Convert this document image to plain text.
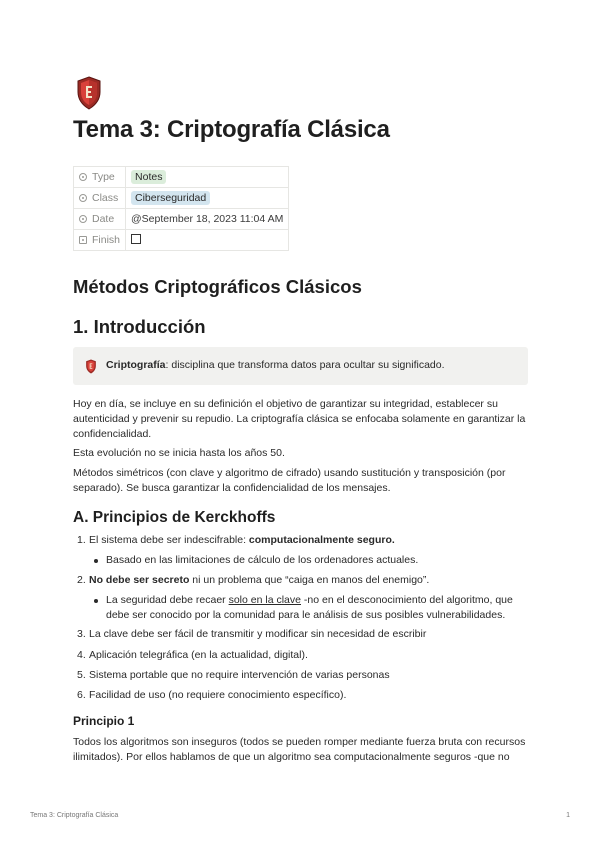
Tema 3: Criptografía Clásica
Type	Notes
Class	Ciberseguridad
Date	@September 18, 2023 11:04 AM
Finish	
Métodos Criptográficos Clásicos
1. Introducción
Criptografía: disciplina que transforma datos para ocultar su significado.

Hoy en día, se incluye en su definición el objetivo de garantizar su integridad, establecer su autenticidad y prevenir su repudio. La criptografía clásica se enfocaba solamente en garantizar la confidencialidad.

Esta evolución no se inicia hasta los años 50.

Métodos simétricos (con clave y algoritmo de cifrado) usando sustitución y transposición (por separado). Se busca garantizar la confidencialidad de los mensajes.

A. Principios de Kerckhoffs
1. El sistema debe ser indescifrable: computacionalmente seguro.
Basado en las limitaciones de cálculo de los ordenadores actuales.
2. No debe ser secreto ni un problema que “caiga en manos del enemigo”.
La seguridad debe recaer solo en la clave -no en el desconocimiento del algoritmo, que debe ser conocido por la comunidad para le análisis de sus posibles vulnerabilidades.
3. La clave debe ser fácil de transmitir y modificar sin necesidad de escribir
4. Aplicación telegráfica (en la actualidad, digital).
5. Sistema portable que no require intervención de varias personas
6. Facilidad de uso (no requiere conocimiento específico).
Principio 1

Todos los algoritmos son inseguros (todos se pueden romper mediante fuerza bruta con recursos ilimitados). Por ellos hablamos de que un algoritmo sea computacionalmente seguros -que no

Tema 3: Criptografía Clásica	1
